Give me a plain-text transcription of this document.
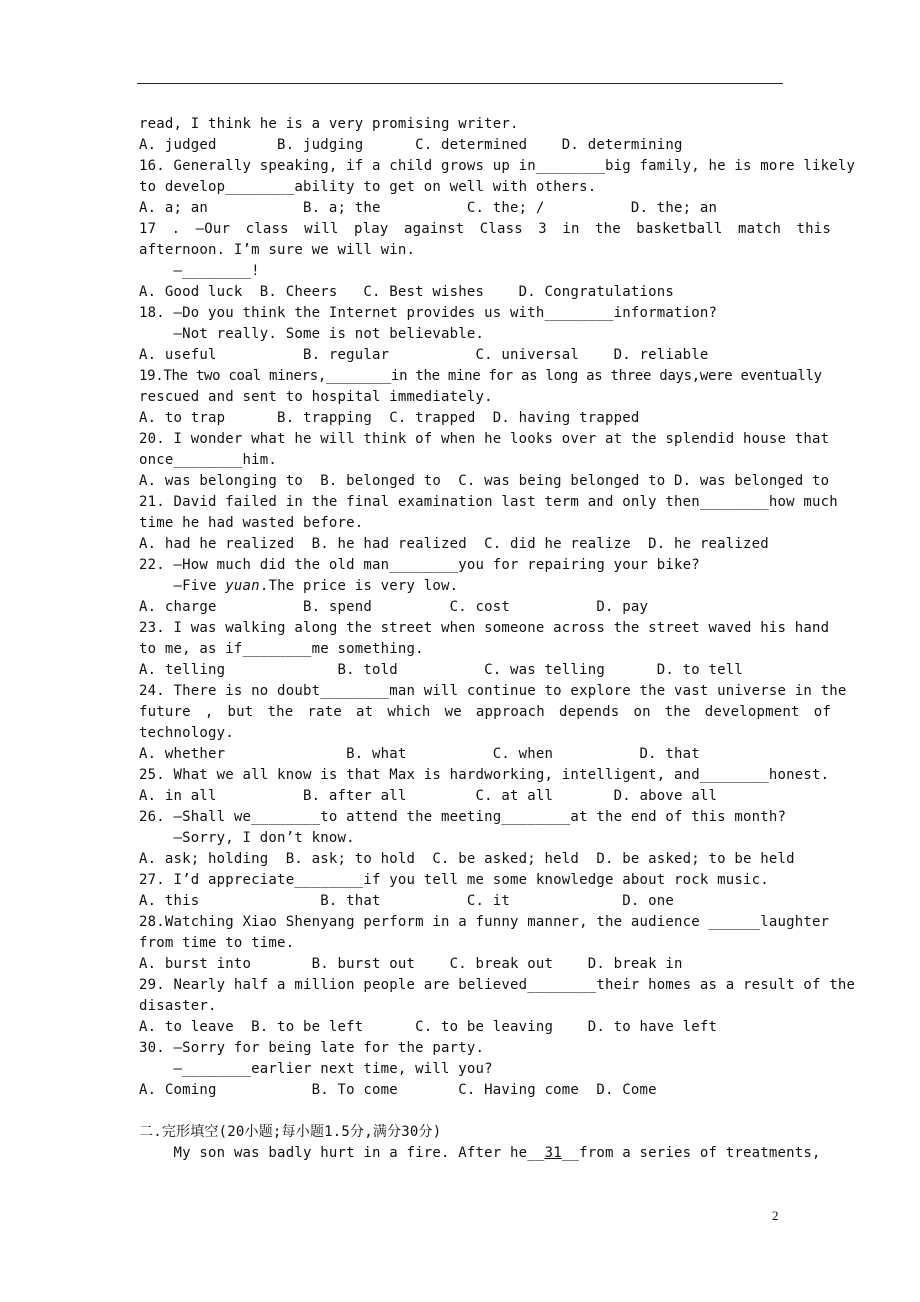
read, I think he is a very promising writer.
A. judged       B. judging      C. determined    D. determining
16. Generally speaking, if a child grows up in________big family, he is more likely
to develop________ability to get on well with others.
A. a; an           B. a; the          C. the; /          D. the; an
17 . —Our class will play against Class 3 in the basketball match this
afternoon. I’m sure we will win.
—________!
A. Good luck  B. Cheers   C. Best wishes    D. Congratulations
18. —Do you think the Internet provides us with________information?
—Not really. Some is not believable.
A. useful          B. regular          C. universal    D. reliable
19.The two coal miners,________in the mine for as long as three days,were eventually
rescued and sent to hospital immediately.
A. to trap      B. trapping  C. trapped  D. having trapped
20. I wonder what he will think of when he looks over at the splendid house that
once________him.
A. was belonging to  B. belonged to  C. was being belonged to D. was belonged to
21. David failed in the final examination last term and only then________how much
time he had wasted before.
A. had he realized  B. he had realized  C. did he realize  D. he realized
22. —How much did the old man________you for repairing your bike?
—Five yuan.The price is very low.
A. charge          B. spend         C. cost          D. pay
23. I was walking along the street when someone across the street waved his hand
to me, as if________me something.
A. telling             B. told          C. was telling      D. to tell
24. There is no doubt________man will continue to explore the vast universe in the
future , but the rate at which we approach depends on the development of
technology.
A. whether              B. what          C. when          D. that
25. What we all know is that Max is hardworking, intelligent, and________honest.
A. in all          B. after all        C. at all       D. above all
26. —Shall we________to attend the meeting________at the end of this month?
—Sorry, I don’t know.
A. ask; holding  B. ask; to hold  C. be asked; held  D. be asked; to be held
27. I’d appreciate________if you tell me some knowledge about rock music.
A. this              B. that          C. it             D. one
28.Watching Xiao Shenyang perform in a funny manner, the audience ______laughter
from time to time.
A. burst into       B. burst out    C. break out    D. break in
29. Nearly half a million people are believed________their homes as a result of the
disaster.
A. to leave  B. to be left      C. to be leaving    D. to have left
30. —Sorry for being late for the party.
—________earlier next time, will you?
A. Coming           B. To come       C. Having come  D. Come
二.完形填空(20小题;每小题1.5分,满分30分)
My son was badly hurt in a fire. After he__31__from a series of treatments,
2
